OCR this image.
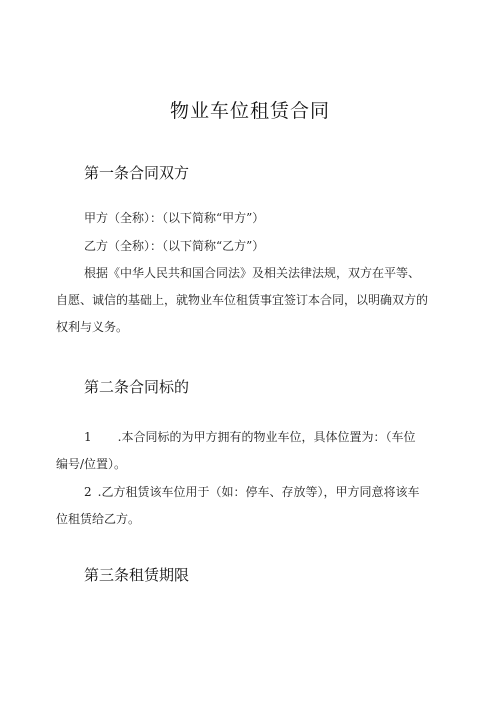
物业车位租赁合同
第一条合同双方
甲方（全称）：（以下简称“甲方”）
乙方（全称）：（以下简称“乙方”）
根据《中华人民共和国合同法》及相关法律法规，双方在平等、
自愿、诚信的基础上，就物业车位租赁事宜签订本合同，以明确双方的
权利与义务。
第二条合同标的
1 .本合同标的为甲方拥有的物业车位，具体位置为：（车位
编号/位置）。
2 .乙方租赁该车位用于（如：停车、存放等），甲方同意将该车
位租赁给乙方。
第三条租赁期限
